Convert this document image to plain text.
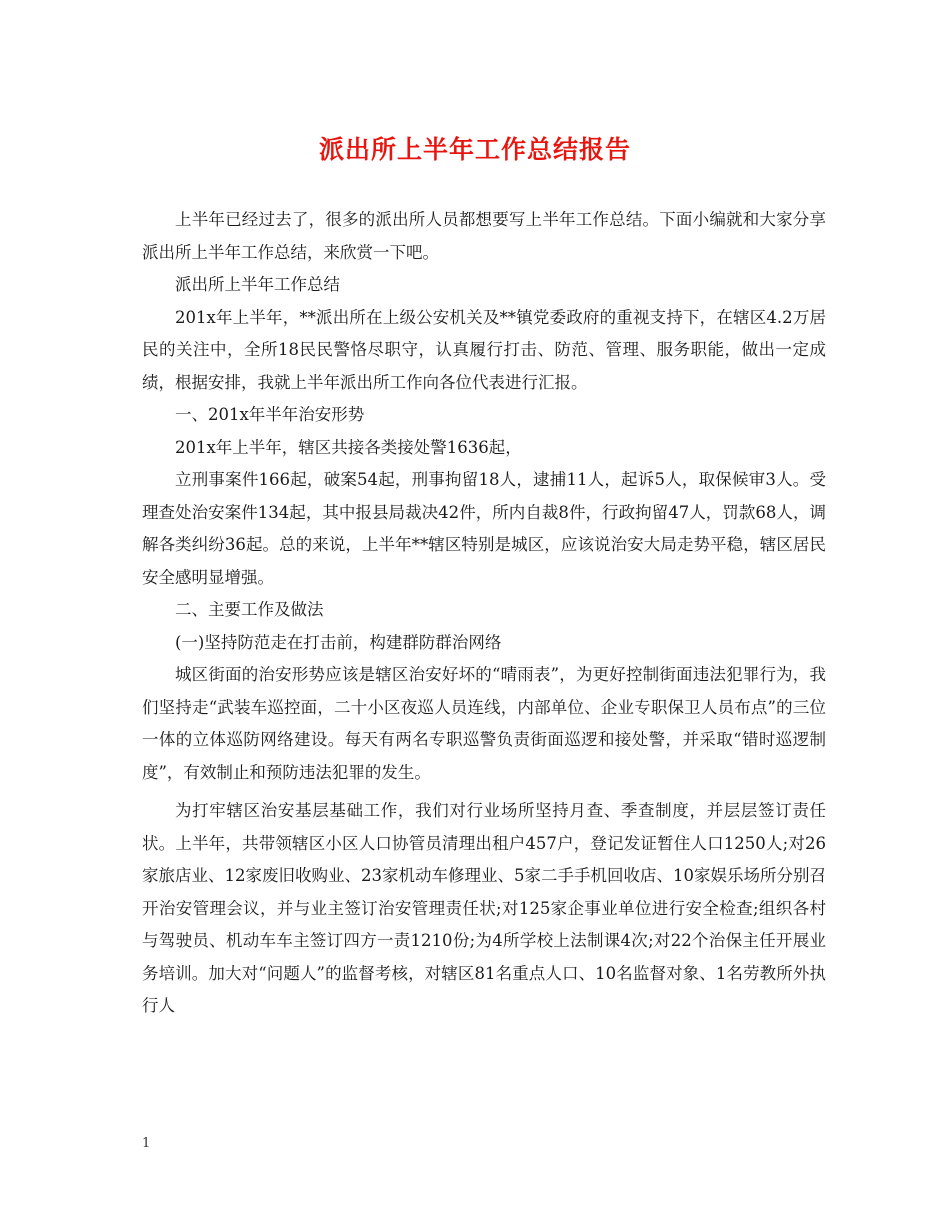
派出所上半年工作总结报告

上半年已经过去了，很多的派出所人员都想要写上半年工作总结。下面小编就和大家分享派出所上半年工作总结，来欣赏一下吧。

派出所上半年工作总结

201x年上半年，**派出所在上级公安机关及**镇党委政府的重视支持下，在辖区4.2万居民的关注中，全所18民民警恪尽职守，认真履行打击、防范、管理、服务职能，做出一定成绩，根据安排，我就上半年派出所工作向各位代表进行汇报。

一、201x年半年治安形势

201x年上半年，辖区共接各类接处警1636起，

立刑事案件166起，破案54起，刑事拘留18人，逮捕11人，起诉5人，取保候审3人。受理查处治安案件134起，其中报县局裁决42件，所内自裁8件，行政拘留47人，罚款68人，调解各类纠纷36起。总的来说，上半年**辖区特别是城区，应该说治安大局走势平稳，辖区居民安全感明显增强。

二、主要工作及做法

(一)坚持防范走在打击前，构建群防群治网络

城区街面的治安形势应该是辖区治安好坏的“晴雨表”，为更好控制街面违法犯罪行为，我们坚持走“武装车巡控面，二十小区夜巡人员连线，内部单位、企业专职保卫人员布点”的三位一体的立体巡防网络建设。每天有两名专职巡警负责街面巡逻和接处警，并采取“错时巡逻制度”，有效制止和预防违法犯罪的发生。

为打牢辖区治安基层基础工作，我们对行业场所坚持月查、季查制度，并层层签订责任状。上半年，共带领辖区小区人口协管员清理出租户457户，登记发证暂住人口1250人;对26家旅店业、12家废旧收购业、23家机动车修理业、5家二手手机回收店、10家娱乐场所分别召开治安管理会议，并与业主签订治安管理责任状;对125家企事业单位进行安全检查;组织各村与驾驶员、机动车车主签订四方一责1210份;为4所学校上法制课4次;对22个治保主任开展业务培训。加大对“问题人”的监督考核，对辖区81名重点人口、10名监督对象、1名劳教所外执行人

1
